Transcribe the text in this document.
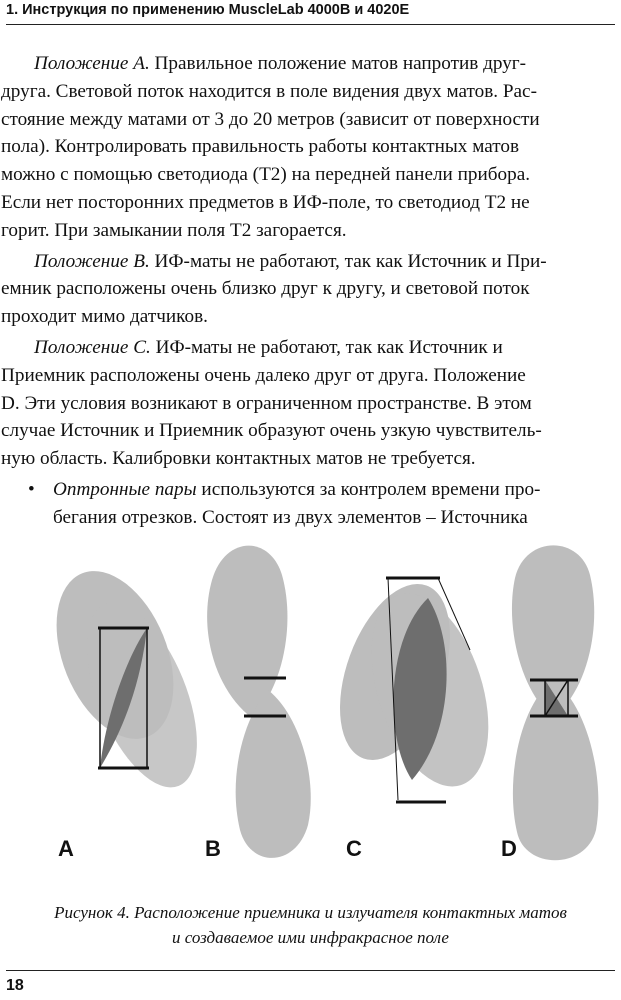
1. Инструкция по применению MuscleLab 4000B и 4020E
Положение А. Правильное положение матов напротив друг-
друга. Световой поток находится в поле видения двух матов. Рас-
стояние между матами от 3 до 20 метров (зависит от поверхности
пола). Контролировать правильность работы контактных матов
можно с помощью светодиода (Т2) на передней панели прибора.
Если нет посторонних предметов в ИФ-поле, то светодиод Т2 не
горит. При замыкании поля Т2 загорается.
Положение В. ИФ-маты не работают, так как Источник и При-
емник расположены очень близко друг к другу, и световой поток
проходит мимо датчиков.
Положение С. ИФ-маты не работают, так как Источник и
Приемник расположены очень далеко друг от друга. Положение
D. Эти условия возникают в ограниченном пространстве. В этом
случае Источник и Приемник образуют очень узкую чувствитель-
ную область. Калибровки контактных матов не требуется.
• Оптронные пары используются за контролем времени про-
бегания отрезков. Состоят из двух элементов – Источника
A	B	C	D
Рисунок 4. Расположение приемника и излучателя контактных матов
и создаваемое ими инфракрасное поле
18
